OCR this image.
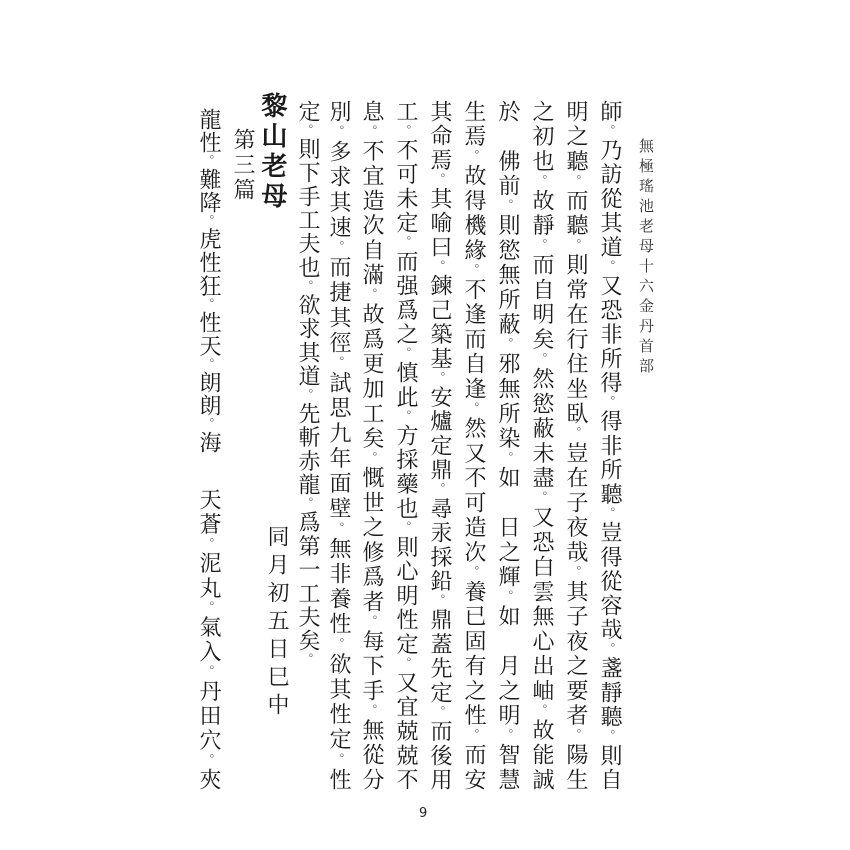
無極瑤池老母十六金丹首部
師。乃訪從其道。又恐非所得。得非所聽。豈得從容哉。盞靜聽。則自
明之聽。而聽。則常在行住坐臥。豈在子夜哉。其子夜之要者。陽生
之初也。故靜。而自明矣。然慾蔽未盡。又恐白雲無心出岫。故能誠
於　佛前。則慾無所蔽。邪無所染。如　日之輝。如　月之明。智慧
生焉。故得機緣。不逢而自逢。然又不可造次。養已固有之性。而安
其命焉。其喻曰。鍊己築基。安爐定鼎。尋汞採鉛。鼎蓋先定。而後用
工。不可未定。而强爲之。慎此。方採藥也。則心明性定。又宜兢兢不
息。不宜造次自滿。故爲更加工矣。慨世之修爲者。每下手。無從分
別。多求其速。而捷其徑。試思九年面壁。無非養性。欲其性定。性
定。則下手工夫也。欲求其道。先斬赤龍。爲第一工夫矣。
同月初五日巳中
黎山老母
第三篇
龍性。難降。虎性狂。性天。朗朗。海
天蒼。泥丸。氣入。丹田穴。夾
9
